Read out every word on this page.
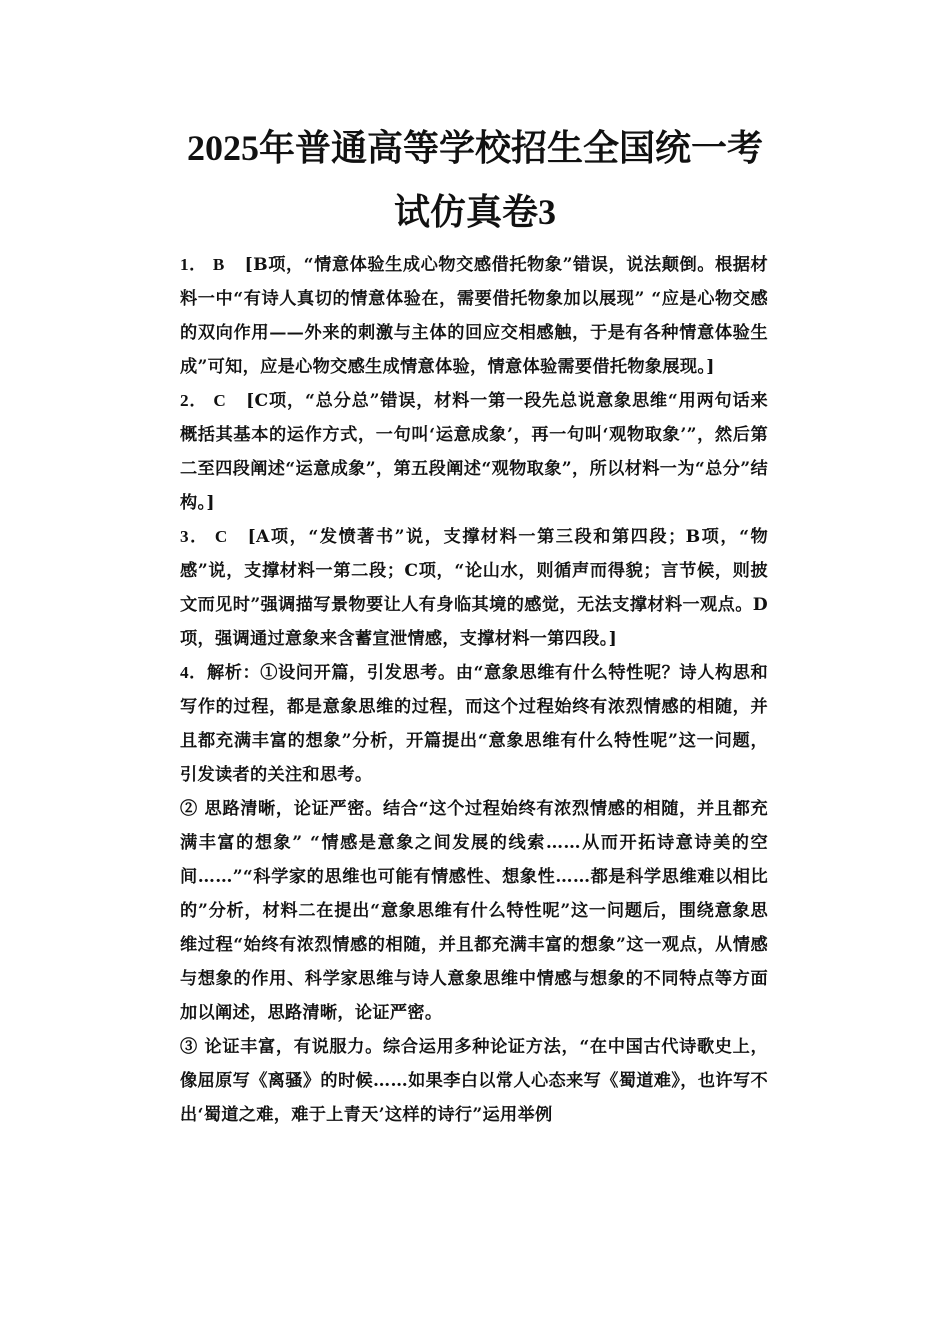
2025年普通高等学校招生全国统一考
试仿真卷3

1． B [B项，“情意体验生成心物交感借托物象”错误，说法颠倒。根据材料一中“有诗人真切的情意体验在，需要借托物象加以展现” “应是心物交感的双向作用——外来的刺激与主体的回应交相感触，于是有各种情意体验生成”可知，应是心物交感生成情意体验，情意体验需要借托物象展现。]

2． C [C项，“总分总”错误，材料一第一段先总说意象思维“用两句话来概括其基本的运作方式，一句叫‘运意成象’，再一句叫‘观物取象’”，然后第二至四段阐述“运意成象”，第五段阐述“观物取象”，所以材料一为“总分”结构。]

3． C [A项，“发愤著书”说，支撑材料一第三段和第四段；B项，“物感”说，支撑材料一第二段；C项，“论山水，则循声而得貌；言节候，则披文而见时”强调描写景物要让人有身临其境的感觉，无法支撑材料一观点。D项，强调通过意象来含蓄宣泄情感，支撑材料一第四段。]

4．解析：①设问开篇，引发思考。由“意象思维有什么特性呢？诗人构思和写作的过程，都是意象思维的过程，而这个过程始终有浓烈情感的相随，并且都充满丰富的想象”分析，开篇提出“意象思维有什么特性呢”这一问题，引发读者的关注和思考。

② 思路清晰，论证严密。结合“这个过程始终有浓烈情感的相随，并且都充满丰富的想象” “情感是意象之间发展的线索……从而开拓诗意诗美的空间……”“科学家的思维也可能有情感性、想象性……都是科学思维难以相比的”分析，材料二在提出“意象思维有什么特性呢”这一问题后，围绕意象思维过程“始终有浓烈情感的相随，并且都充满丰富的想象”这一观点，从情感与想象的作用、科学家思维与诗人意象思维中情感与想象的不同特点等方面加以阐述，思路清晰，论证严密。

③ 论证丰富，有说服力。综合运用多种论证方法，“在中国古代诗歌史上，像屈原写《离骚》的时候……如果李白以常人心态来写《蜀道难》，也许写不出‘蜀道之难，难于上青天’这样的诗行”运用举例
